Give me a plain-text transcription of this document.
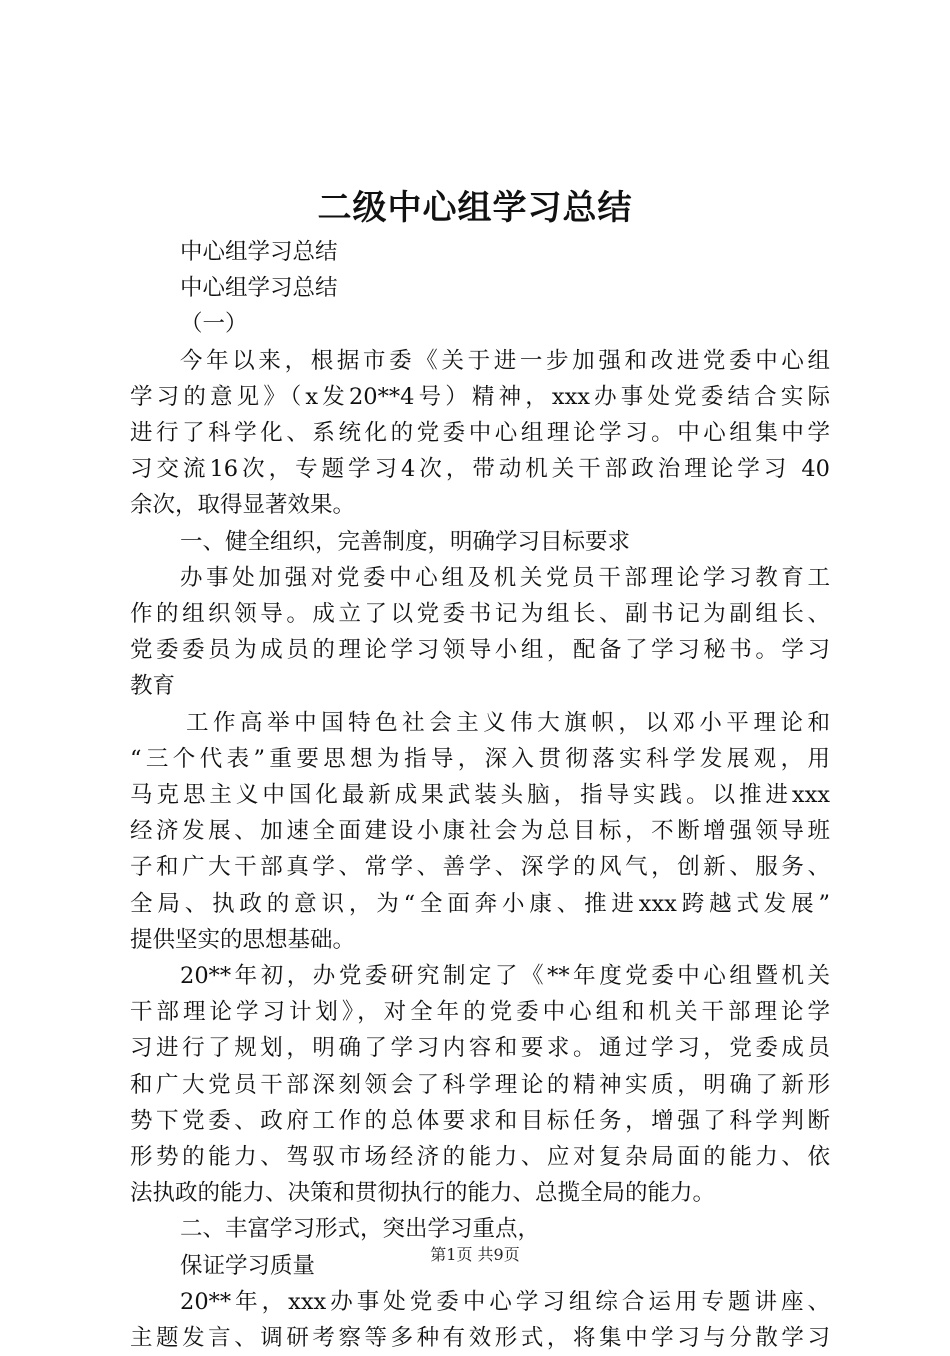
二级中心组学习总结
中心组学习总结
中心组学习总结
（一）
今年以来，根据市委《关于进一步加强和改进党委中心组
学习的意见》（x发20**4号）精神，xxx办事处党委结合实际
进行了科学化、系统化的党委中心组理论学习。中心组集中学
习交流16次，专题学习4次，带动机关干部政治理论学习 40
余次，取得显著效果。
一、健全组织，完善制度，明确学习目标要求
办事处加强对党委中心组及机关党员干部理论学习教育工
作的组织领导。成立了以党委书记为组长、副书记为副组长、
党委委员为成员的理论学习领导小组，配备了学习秘书。学习
教育
工作高举中国特色社会主义伟大旗帜，以邓小平理论和
“三个代表”重要思想为指导，深入贯彻落实科学发展观，用
马克思主义中国化最新成果武装头脑，指导实践。以推进xxx
经济发展、加速全面建设小康社会为总目标，不断增强领导班
子和广大干部真学、常学、善学、深学的风气，创新、服务、
全局、执政的意识，为“全面奔小康、推进xxx跨越式发展”
提供坚实的思想基础。
20**年初，办党委研究制定了《**年度党委中心组暨机关
干部理论学习计划》，对全年的党委中心组和机关干部理论学
习进行了规划，明确了学习内容和要求。通过学习，党委成员
和广大党员干部深刻领会了科学理论的精神实质，明确了新形
势下党委、政府工作的总体要求和目标任务，增强了科学判断
形势的能力、驾驭市场经济的能力、应对复杂局面的能力、依
法执政的能力、决策和贯彻执行的能力、总揽全局的能力。
二、丰富学习形式，突出学习重点，
保证学习质量
20**年，xxx办事处党委中心学习组综合运用专题讲座、
主题发言、调研考察等多种有效形式，将集中学习与分散学习
第1页 共9页
